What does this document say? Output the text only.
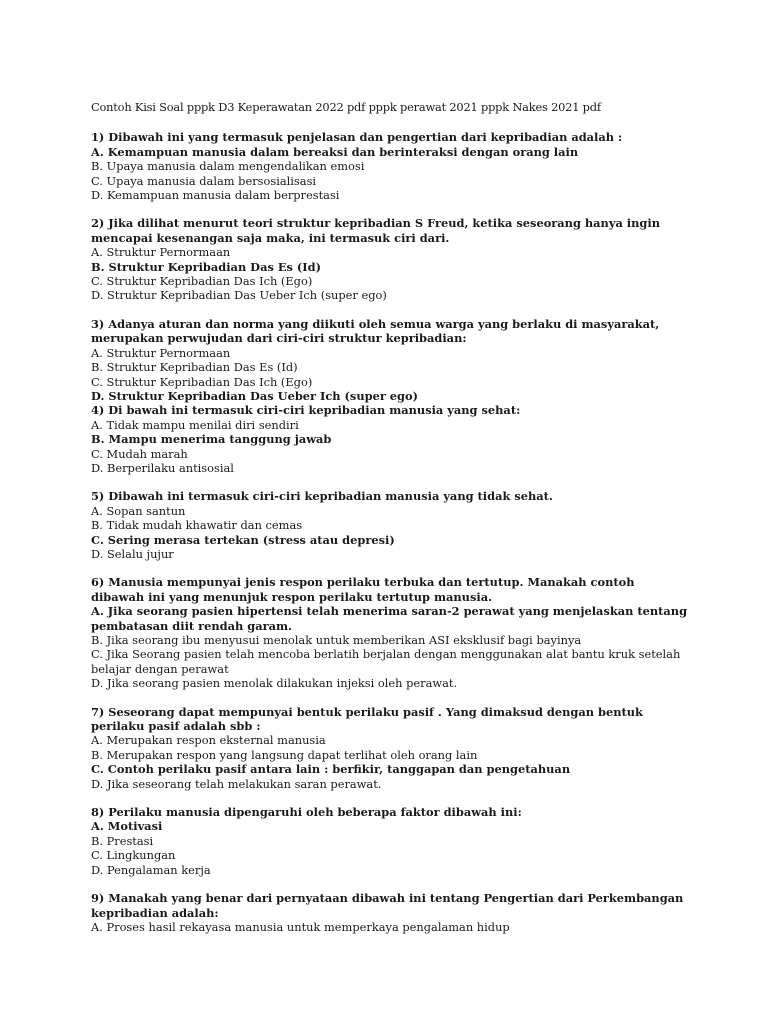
Contoh Kisi Soal pppk D3 Keperawatan 2022 pdf pppk perawat 2021 pppk Nakes 2021 pdf
1) Dibawah ini yang termasuk penjelasan dan pengertian dari kepribadian adalah :
A. Kemampuan manusia dalam bereaksi dan berinteraksi dengan orang lain
B. Upaya manusia dalam mengendalikan emosi
C. Upaya manusia dalam bersosialisasi
D. Kemampuan manusia dalam berprestasi
2) Jika dilihat menurut teori struktur kepribadian S Freud, ketika seseorang hanya ingin mencapai kesenangan saja maka, ini termasuk ciri dari.
A. Struktur Pernormaan
B. Struktur Kepribadian Das Es (Id)
C. Struktur Kepribadian Das Ich (Ego)
D. Struktur Kepribadian Das Ueber Ich (super ego)
3) Adanya aturan dan norma yang diikuti oleh semua warga yang berlaku di masyarakat, merupakan perwujudan dari ciri-ciri struktur kepribadian:
A. Struktur Pernormaan
B. Struktur Kepribadian Das Es (Id)
C. Struktur Kepribadian Das Ich (Ego)
D. Struktur Kepribadian Das Ueber Ich (super ego)
4) Di bawah ini termasuk ciri-ciri kepribadian manusia yang sehat:
A. Tidak mampu menilai diri sendiri
B. Mampu menerima tanggung jawab
C. Mudah marah
D. Berperilaku antisosial
5) Dibawah ini termasuk ciri-ciri kepribadian manusia yang tidak sehat.
A. Sopan santun
B. Tidak mudah khawatir dan cemas
C. Sering merasa tertekan (stress atau depresi)
D. Selalu jujur
6) Manusia mempunyai jenis respon perilaku terbuka dan tertutup. Manakah contoh dibawah ini yang menunjuk respon perilaku tertutup manusia.
A. Jika seorang pasien hipertensi telah menerima saran-2 perawat yang menjelaskan tentang pembatasan diit rendah garam.
B. Jika seorang ibu menyusui menolak untuk memberikan ASI eksklusif bagi bayinya
C. Jika Seorang pasien telah mencoba berlatih berjalan dengan menggunakan alat bantu kruk setelah belajar dengan perawat
D. Jika seorang pasien menolak dilakukan injeksi oleh perawat.
7) Seseorang dapat mempunyai bentuk perilaku pasif . Yang dimaksud dengan bentuk perilaku pasif adalah sbb :
A. Merupakan respon eksternal manusia
B. Merupakan respon yang langsung dapat terlihat oleh orang lain
C. Contoh perilaku pasif antara lain : berfikir, tanggapan dan pengetahuan
D. Jika seseorang telah melakukan saran perawat.
8) Perilaku manusia dipengaruhi oleh beberapa faktor dibawah ini:
A. Motivasi
B. Prestasi
C. Lingkungan
D. Pengalaman kerja
9) Manakah yang benar dari pernyataan dibawah ini tentang Pengertian dari Perkembangan kepribadian adalah:
A. Proses hasil rekayasa manusia untuk memperkaya pengalaman hidup
